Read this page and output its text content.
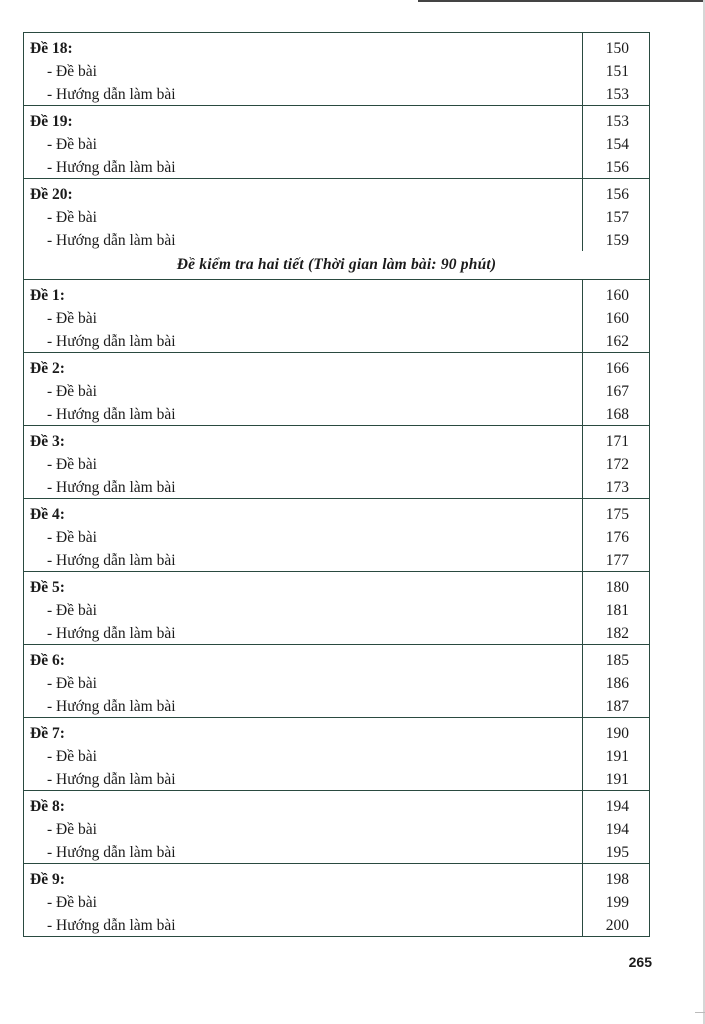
Đề 18:
- Đề bài
- Hướng dẫn làm bài
150
151
153
Đề 19:
- Đề bài
- Hướng dẫn làm bài
153
154
156
Đề 20:
- Đề bài
- Hướng dẫn làm bài
156
157
159
Đề kiểm tra hai tiết (Thời gian làm bài: 90 phút)
Đề 1:
- Đề bài
- Hướng dẫn làm bài
160
160
162
Đề 2:
- Đề bài
- Hướng dẫn làm bài
166
167
168
Đề 3:
- Đề bài
- Hướng dẫn làm bài
171
172
173
Đề 4:
- Đề bài
- Hướng dẫn làm bài
175
176
177
Đề 5:
- Đề bài
- Hướng dẫn làm bài
180
181
182
Đề 6:
- Đề bài
- Hướng dẫn làm bài
185
186
187
Đề 7:
- Đề bài
- Hướng dẫn làm bài
190
191
191
Đề 8:
- Đề bài
- Hướng dẫn làm bài
194
194
195
Đề 9:
- Đề bài
- Hướng dẫn làm bài
198
199
200
265
